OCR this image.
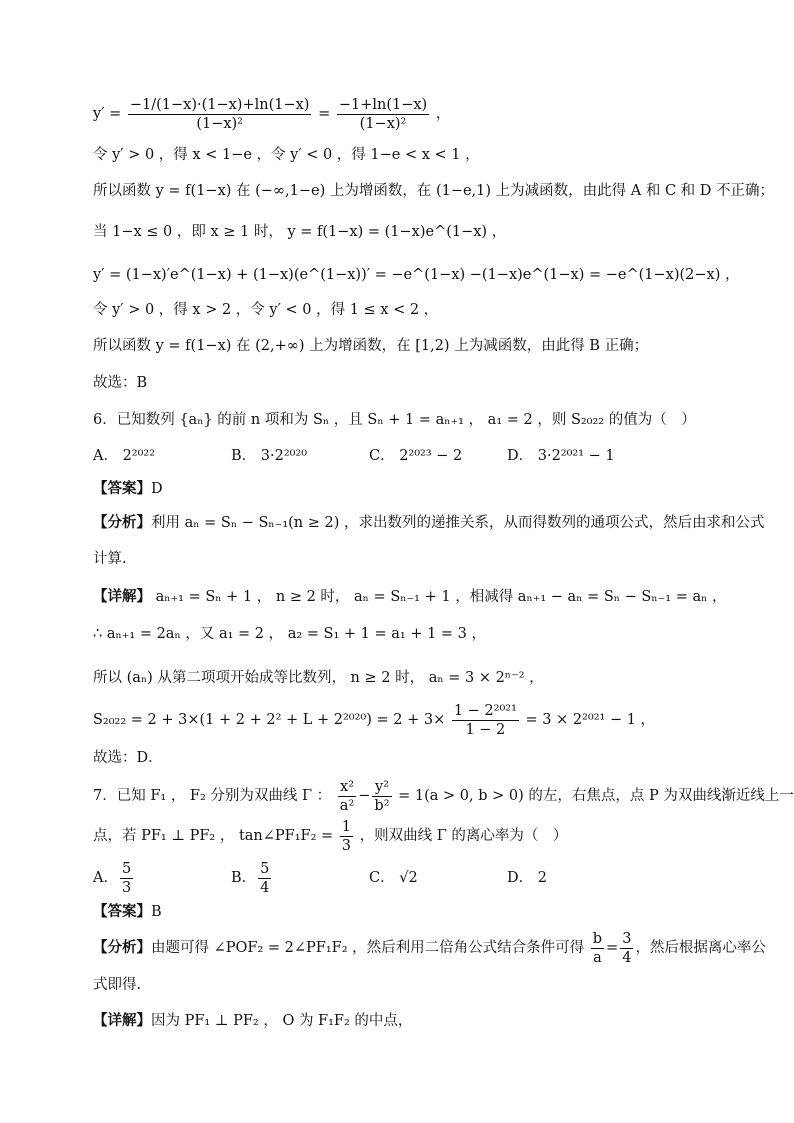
$y' = \frac{-1/(1-x)\cdot(1-x)+\ln(1-x)}{\text{(1−x)²}} = \frac{-1+\ln(1-x)}{\text{(1−x)²}}$ ，
令 y′ > 0 ，得 x < 1−e ，令 y′ < 0 ，得 1−e < x < 1 ，
所以函数 y = f(1−x) 在 (−∞,1−e) 上为增函数，在 (1−e,1) 上为减函数，由此得 A 和 C 和 D 不正确；
当 1−x ≤ 0 ，即 x ≥ 1 时， y = f(1−x) = (1−x)e^(1−x) ，
y′ = (1−x)′e^(1−x) + (1−x)(e^(1−x))′ = −e^(1−x) −(1−x)e^(1−x) = −e^(1−x)(2−x) ，
令 y′ > 0 ，得 x > 2 ，令 y′ < 0 ，得 1 ≤ x < 2 ，
所以函数 y = f(1−x) 在 (2,+∞) 上为增函数，在 [1,2) 上为减函数，由此得 B 正确；
故选：B
6．已知数列 {aₙ} 的前 n 项和为 Sₙ ，且 Sₙ + 1 = aₙ₊₁ ， a₁ = 2 ，则 S₂₀₂₂ 的值为（　）
A． 2²⁰²²	B． 3·2²⁰²⁰	C． 2²⁰²³ − 2	D． 3·2²⁰²¹ − 1
【答案】D
【分析】利用 aₙ = Sₙ − Sₙ₋₁(n ≥ 2) ，求出数列的递推关系，从而得数列的通项公式，然后由求和公式
计算.
【详解】 aₙ₊₁ = Sₙ + 1 ， n ≥ 2 时， aₙ = Sₙ₋₁ + 1 ，相减得 aₙ₊₁ − aₙ = Sₙ − Sₙ₋₁ = aₙ ，
∴ aₙ₊₁ = 2aₙ ，又 a₁ = 2 ， a₂ = S₁ + 1 = a₁ + 1 = 3 ，
所以 (aₙ) 从第二项项开始成等比数列， n ≥ 2 时， aₙ = 3 × 2ⁿ⁻² ，
$S_{2022} = 2 + 3\times(1 + 2 + 2^2 + L + 2^{2020}) = 2 + 3\times \frac{\text{1 − 2²⁰²¹}}{1 - 2} = 3 \times 2^{2021} - 1$ ，
故选：D．
7．已知 F₁ ， F₂ 分别为双曲线 Γ ： $\frac{\text{x²}}{\text{a²}} - \frac{\text{y²}}{\text{b²}} = 1(a > 0$, b > 0) 的左，右焦点，点 P 为双曲线渐近线上一
点，若 PF₁ ⊥ PF₂ ， tan∠PF₁F₂ = $\frac{1}{3}$ ，则双曲线 Γ 的离心率为（　）
A． $\frac{5}{3}$	B． $\frac{5}{4}$	C． √2	D． 2
【答案】B
【分析】由题可得 ∠POF₂ = 2∠PF₁F₂ ，然后利用二倍角公式结合条件可得 $\frac{b}{a} = \frac{3}{4}$ ，然后根据离心率公
式即得.
【详解】因为 PF₁ ⊥ PF₂ ， O 为 F₁F₂ 的中点，
